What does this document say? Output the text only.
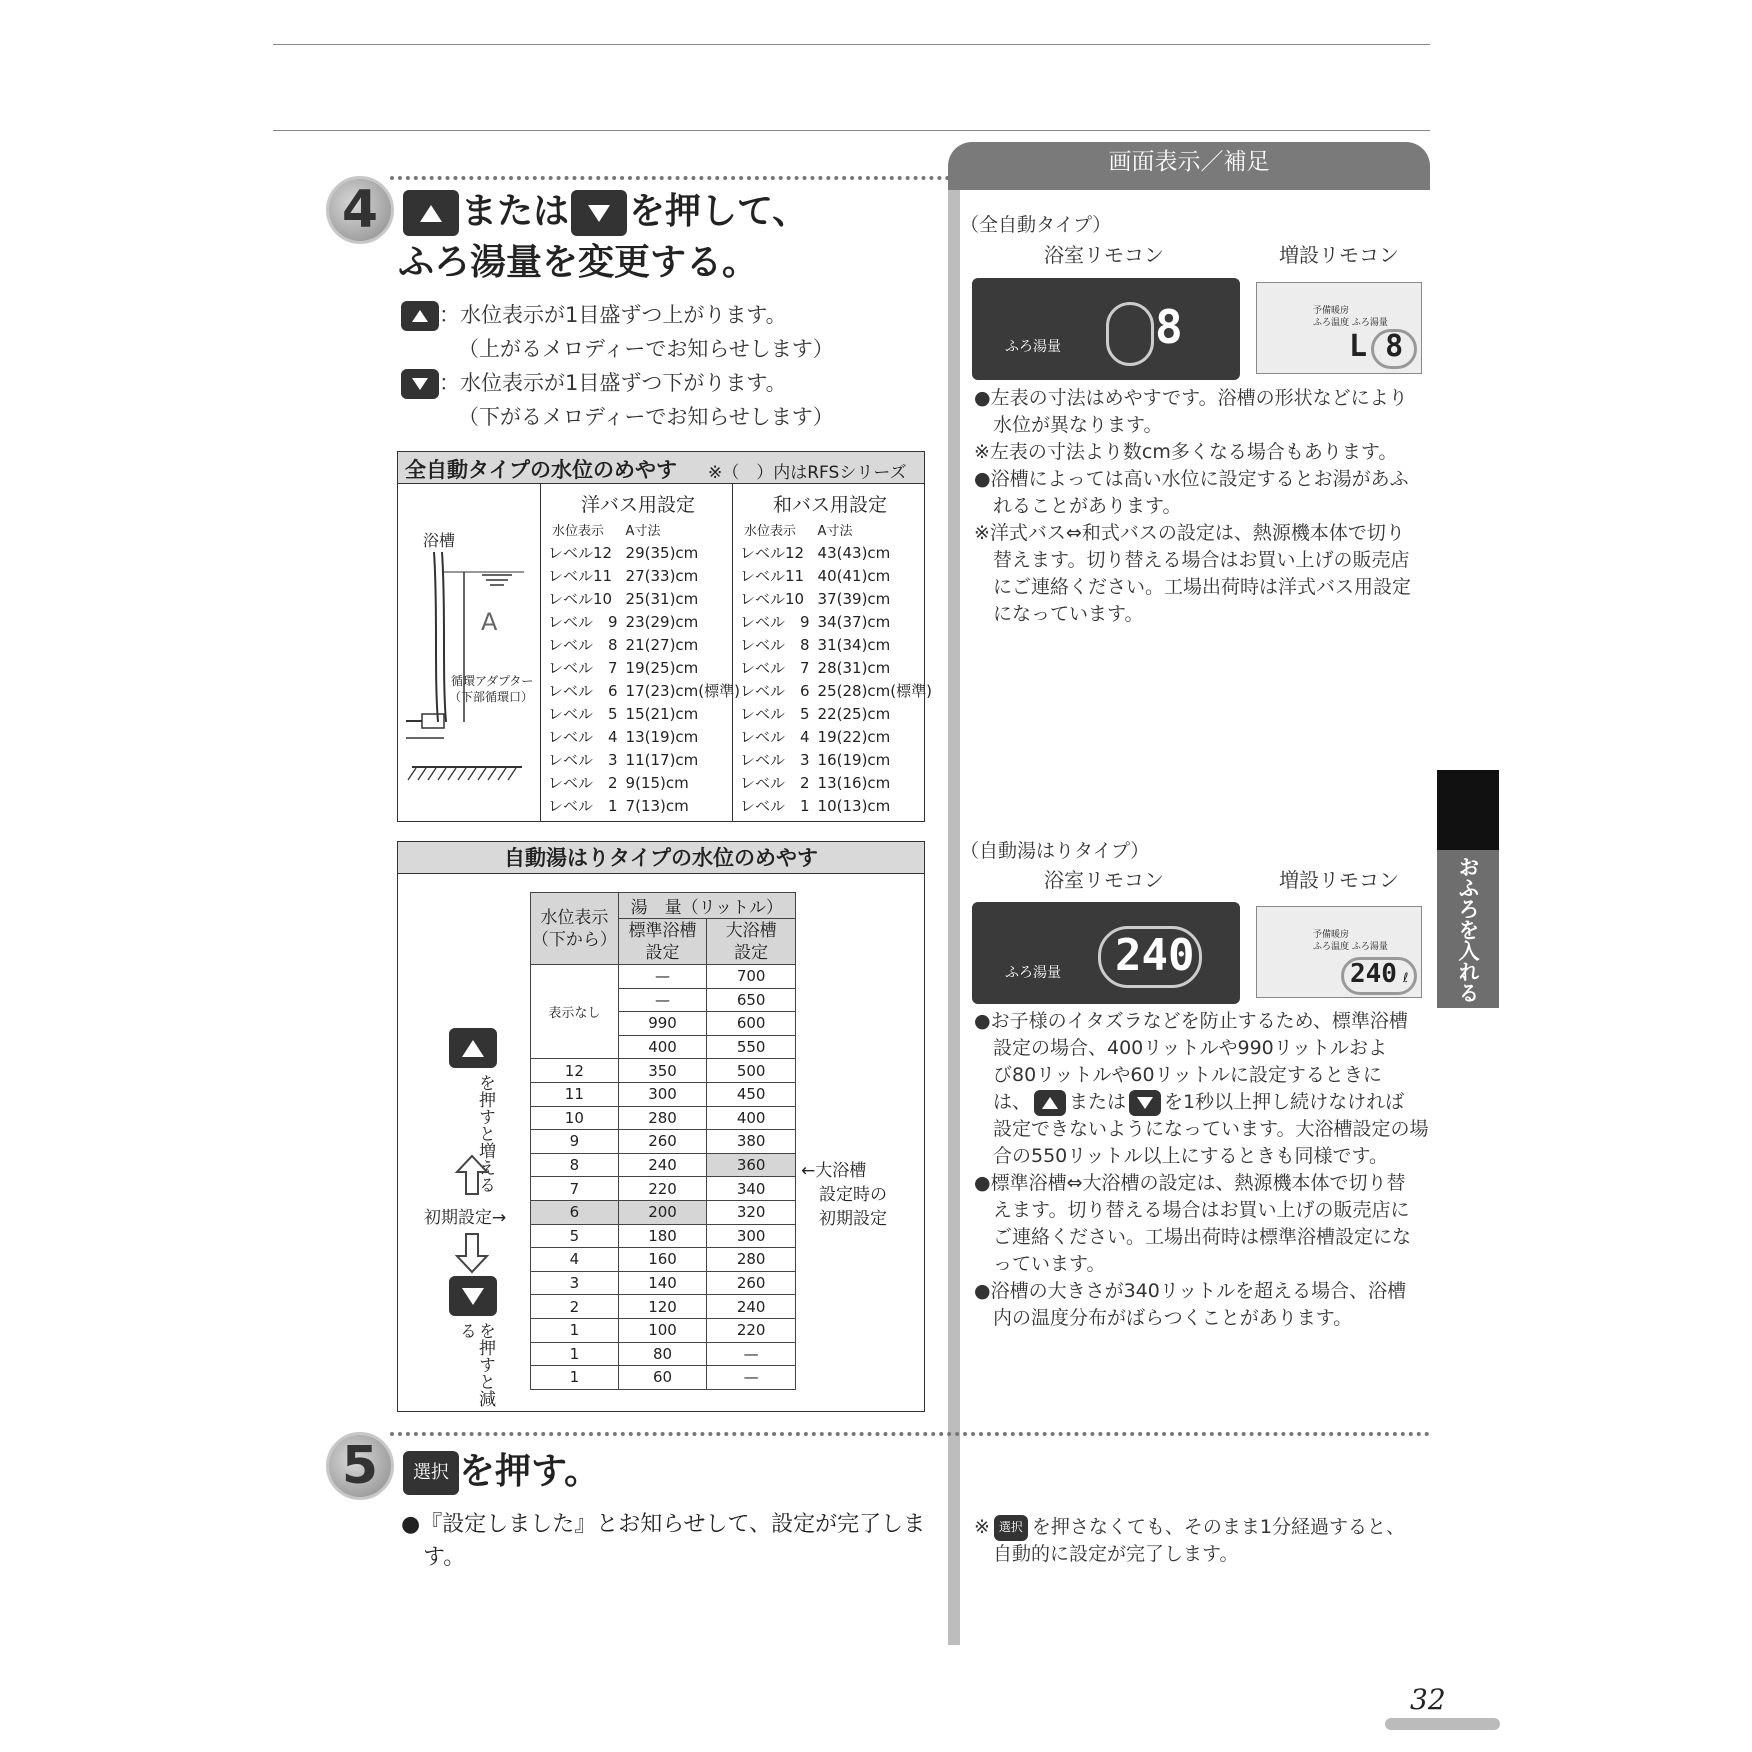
4	または を押して、
ふろ湯量を変更する。
：水位表示が1目盛ずつ上がります。
（上がるメロディーでお知らせします）
：水位表示が1目盛ずつ下がります。
（下がるメロディーでお知らせします）
全自動タイプの水位のめやす ※（　）内はRFSシリーズ
浴槽
A
循環アダプター
（下部循環口）
洋バス用設定
水位表示	A寸法
レベル12	29(35)cm
レベル11	27(33)cm
レベル10	25(31)cm
レベル　9	23(29)cm
レベル　8	21(27)cm
レベル　7	19(25)cm
レベル　6	17(23)cm(標準)
レベル　5	15(21)cm
レベル　4	13(19)cm
レベル　3	11(17)cm
レベル　2	9(15)cm
レベル　1	7(13)cm
和バス用設定
水位表示	A寸法
レベル12	43(43)cm
レベル11	40(41)cm
レベル10	37(39)cm
レベル　9	34(37)cm
レベル　8	31(34)cm
レベル　7	28(31)cm
レベル　6	25(28)cm(標準)
レベル　5	22(25)cm
レベル　4	19(22)cm
レベル　3	16(19)cm
レベル　2	13(16)cm
レベル　1	10(13)cm
自動湯はりタイプの水位のめやす
水位表示
（下から）	湯　量（リットル）	
	標準浴槽
設定	大浴槽
設定
表示なし	—	700
	—	650
	990	600
	400	550
12	350	500
11	300	450
10	280	400
9	260	380
8	240	360
7	220	340
6	200	320
5	180	300
4	160	280
3	140	260
2	120	240
1	100	220
1	80	—
1	60	—
を押すと増える
初期設定→
を押すと減る
←大浴槽
設定時の
初期設定
画面表示／補足
（全自動タイプ）
浴室リモコン	増設リモコン
ふろ湯量 8	予備暖房
ふろ温度 ふろ湯量
L 8
●左表の寸法はめやすです。浴槽の形状などにより
　水位が異なります。
※左表の寸法より数cm多くなる場合もあります。
●浴槽によっては高い水位に設定するとお湯があふ
　れることがあります。
※洋式バス⇔和式バスの設定は、熱源機本体で切り
　替えます。切り替える場合はお買い上げの販売店
　にご連絡ください。工場出荷時は洋式バス用設定
　になっています。
（自動湯はりタイプ）
浴室リモコン	増設リモコン
ふろ湯量 240	予備暖房
ふろ温度 ふろ湯量
240 ℓ
●お子様のイタズラなどを防止するため、標準浴槽
　設定の場合、400リットルや990リットルおよ
　び80リットルや60リットルに設定するときに
　は、 または を1秒以上押し続けなければ
　設定できないようになっています。大浴槽設定の場
　合の550リットル以上にするときも同様です。
●標準浴槽⇔大浴槽の設定は、熱源機本体で切り替
　えます。切り替える場合はお買い上げの販売店に
　ご連絡ください。工場出荷時は標準浴槽設定にな
　っています。
●浴槽の大きさが340リットルを超える場合、浴槽
　内の温度分布がばらつくことがあります。
おふろを入れる
5	選択 を押す。
●『設定しました』とお知らせして、設定が完了しま
　す。
※ 選択 を押さなくても、そのまま1分経過すると、
　自動的に設定が完了します。
32
